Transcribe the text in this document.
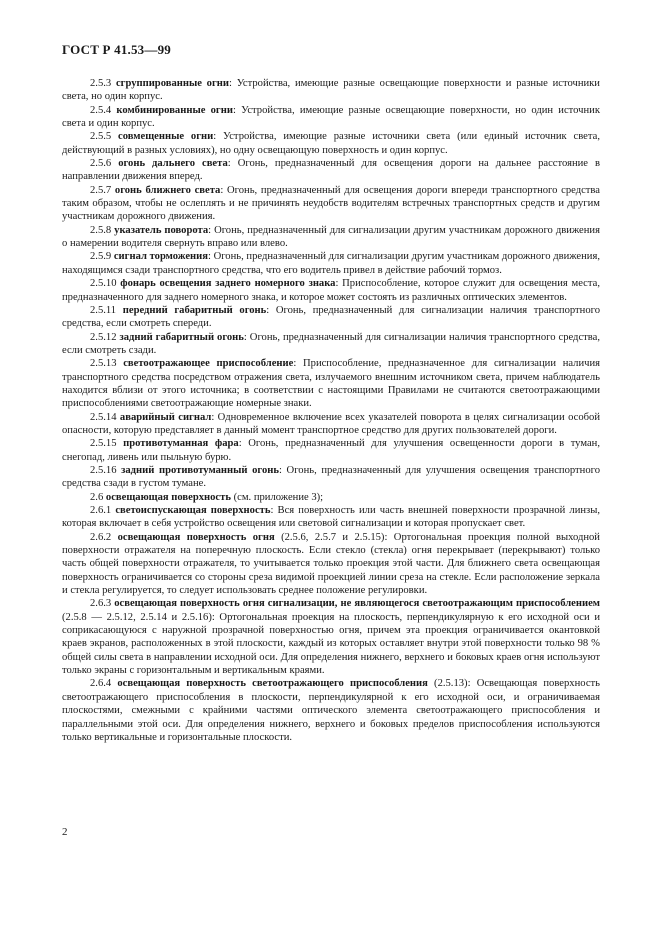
ГОСТ Р 41.53—99

2.5.3 сгруппированные огни: Устройства, имеющие разные освещающие поверхности и разные источники света, но один корпус.

2.5.4 комбинированные огни: Устройства, имеющие разные освещающие поверхности, но один источник света и один корпус.

2.5.5 совмещенные огни: Устройства, имеющие разные источники света (или единый источник света, действующий в разных условиях), но одну освещающую поверхность и один корпус.

2.5.6 огонь дальнего света: Огонь, предназначенный для освещения дороги на дальнее расстояние в направлении движения вперед.

2.5.7 огонь ближнего света: Огонь, предназначенный для освещения дороги впереди транспортного средства таким образом, чтобы не ослеплять и не причинять неудобств водителям встречных транспортных средств и другим участникам дорожного движения.

2.5.8 указатель поворота: Огонь, предназначенный для сигнализации другим участникам дорожного движения о намерении водителя свернуть вправо или влево.

2.5.9 сигнал торможения: Огонь, предназначенный для сигнализации другим участникам дорожного движения, находящимся сзади транспортного средства, что его водитель привел в действие рабочий тормоз.

2.5.10 фонарь освещения заднего номерного знака: Приспособление, которое служит для освещения места, предназначенного для заднего номерного знака, и которое может состоять из различных оптических элементов.

2.5.11 передний габаритный огонь: Огонь, предназначенный для сигнализации наличия транспортного средства, если смотреть спереди.

2.5.12 задний габаритный огонь: Огонь, предназначенный для сигнализации наличия транспортного средства, если смотреть сзади.

2.5.13 светоотражающее приспособление: Приспособление, предназначенное для сигнализации наличия транспортного средства посредством отражения света, излучаемого внешним источником света, причем наблюдатель находится вблизи от этого источника; в соответствии с настоящими Правилами не считаются светоотражающими приспособлениями светоотражающие номерные знаки.

2.5.14 аварийный сигнал: Одновременное включение всех указателей поворота в целях сигнализации особой опасности, которую представляет в данный момент транспортное средство для других пользователей дороги.

2.5.15 противотуманная фара: Огонь, предназначенный для улучшения освещенности дороги в туман, снегопад, ливень или пыльную бурю.

2.5.16 задний противотуманный огонь: Огонь, предназначенный для улучшения освещения транспортного средства сзади в густом тумане.

2.6 освещающая поверхность (см. приложение 3);

2.6.1 светоиспускающая поверхность: Вся поверхность или часть внешней поверхности прозрачной линзы, которая включает в себя устройство освещения или световой сигнализации и которая пропускает свет.

2.6.2 освещающая поверхность огня (2.5.6, 2.5.7 и 2.5.15): Ортогональная проекция полной выходной поверхности отражателя на поперечную плоскость. Если стекло (стекла) огня перекрывает (перекрывают) только часть общей поверхности отражателя, то учитывается только проекция этой части. Для ближнего света освещающая поверхность ограничивается со стороны среза видимой проекцией линии среза на стекле. Если расположение зеркала и стекла регулируется, то следует использовать среднее положение регулировки.

2.6.3 освещающая поверхность огня сигнализации, не являющегося светоотражающим приспособлением (2.5.8 — 2.5.12, 2.5.14 и 2.5.16): Ортогональная проекция на плоскость, перпендикулярную к его исходной оси и соприкасающуюся с наружной прозрачной поверхностью огня, причем эта проекция ограничивается окантовкой краев экранов, расположенных в этой плоскости, каждый из которых оставляет внутри этой поверхности только 98 % общей силы света в направлении исходной оси. Для определения нижнего, верхнего и боковых краев огня используют только экраны с горизонтальным и вертикальным краями.

2.6.4 освещающая поверхность светоотражающего приспособления (2.5.13): Освещающая поверхность светоотражающего приспособления в плоскости, перпендикулярной к его исходной оси, и ограничиваемая плоскостями, смежными с крайними частями оптического элемента светоотражающего приспособления и параллельными этой оси. Для определения нижнего, верхнего и боковых пределов приспособления используются только вертикальные и горизонтальные плоскости.

2
